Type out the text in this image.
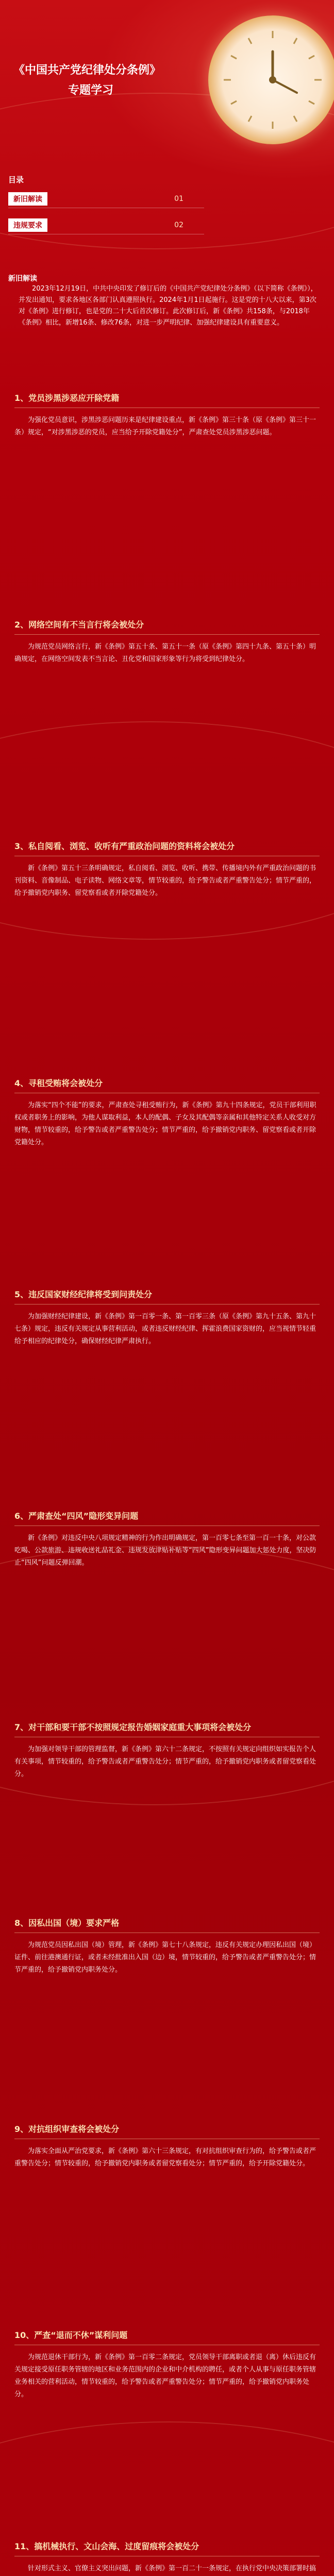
《中国共产党纪律处分条例》
专题学习
目录
新旧解读	01
违规要求	02
新旧解读
2023年12月19日，中共中央印发了修订后的《中国共产党纪律处分条例》（以下简称《条例》），并发出通知，要求各地区各部门认真遵照执行。2024年1月1日起施行。这是党的十八大以来，第3次对《条例》进行修订，也是党的二十大后首次修订。此次修订后，新《条例》共158条，与2018年《条例》相比，新增16条、修改76条，对进一步严明纪律、加强纪律建设具有重要意义。
1、党员涉黑涉恶应开除党籍
为强化党员意识，涉黑涉恶问题历来是纪律建设重点，新《条例》第三十条（原《条例》第三十一条）规定，“对涉黑涉恶的党员，应当给予开除党籍处分”，严肃查处党员涉黑涉恶问题。
2、网络空间有不当言行将会被处分
为规范党员网络言行，新《条例》第五十条、第五十一条（原《条例》第四十九条、第五十条）明确规定，在网络空间发表不当言论、丑化党和国家形象等行为将受到纪律处分。
3、私自阅看、浏览、收听有严重政治问题的资料将会被处分
新《条例》第五十三条明确规定，私自阅看、浏览、收听、携带、传播境内外有严重政治问题的书刊资料、音像制品、电子读物、网络文章等，情节较重的，给予警告或者严重警告处分；情节严重的，给予撤销党内职务、留党察看或者开除党籍处分。
4、寻租受贿将会被处分
为落实“四个不能”的要求，严肃查处寻租受贿行为，新《条例》第九十四条规定，党员干部利用职权或者职务上的影响，为他人谋取利益，本人的配偶、子女及其配偶等亲属和其他特定关系人收受对方财物，情节较重的，给予警告或者严重警告处分；情节严重的，给予撤销党内职务、留党察看或者开除党籍处分。
5、违反国家财经纪律将受到问责处分
为加强财经纪律建设，新《条例》第一百零一条、第一百零三条（原《条例》第九十五条、第九十七条）规定，违反有关规定从事营利活动，或者违反财经纪律、挥霍浪费国家资财的，应当视情节轻重给予相应的纪律处分，确保财经纪律严肃执行。
6、严肃查处“四风”隐形变异问题
新《条例》对违反中央八项规定精神的行为作出明确规定，第一百零七条至第一百一十条，对公款吃喝、公款旅游、违规收送礼品礼金、违规发放津贴补贴等“四风”隐形变异问题加大惩处力度，坚决防止“四风”问题反弹回潮。
7、对干部和要干部不按照规定报告婚姻家庭重大事项将会被处分
为加强对领导干部的管理监督，新《条例》第六十二条规定，不按照有关规定向组织如实报告个人有关事项，情节较重的，给予警告或者严重警告处分；情节严重的，给予撤销党内职务或者留党察看处分。
8、因私出国（境）要求严格
为规范党员因私出国（境）管理，新《条例》第七十八条规定，违反有关规定办理因私出国（境）证件、前往港澳通行证，或者未经批准出入国（边）境，情节较重的，给予警告或者严重警告处分；情节严重的，给予撤销党内职务处分。
9、对抗组织审查将会被处分
为落实全面从严治党要求，新《条例》第六十三条规定，有对抗组织审查行为的，给予警告或者严重警告处分；情节较重的，给予撤销党内职务或者留党察看处分；情节严重的，给予开除党籍处分。
10、严查“退而不休”谋利问题
为规范退休干部行为，新《条例》第一百零二条规定，党员领导干部离职或者退（离）休后违反有关规定接受原任职务管辖的地区和业务范围内的企业和中介机构的聘任，或者个人从事与原任职务管辖业务相关的营利活动，情节较重的，给予警告或者严重警告处分；情节严重的，给予撤销党内职务处分。
11、搞机械执行、文山会海、过度留痕将会被处分
针对形式主义、官僚主义突出问题，新《条例》第一百二十一条规定，在执行党中央决策部署时搞
